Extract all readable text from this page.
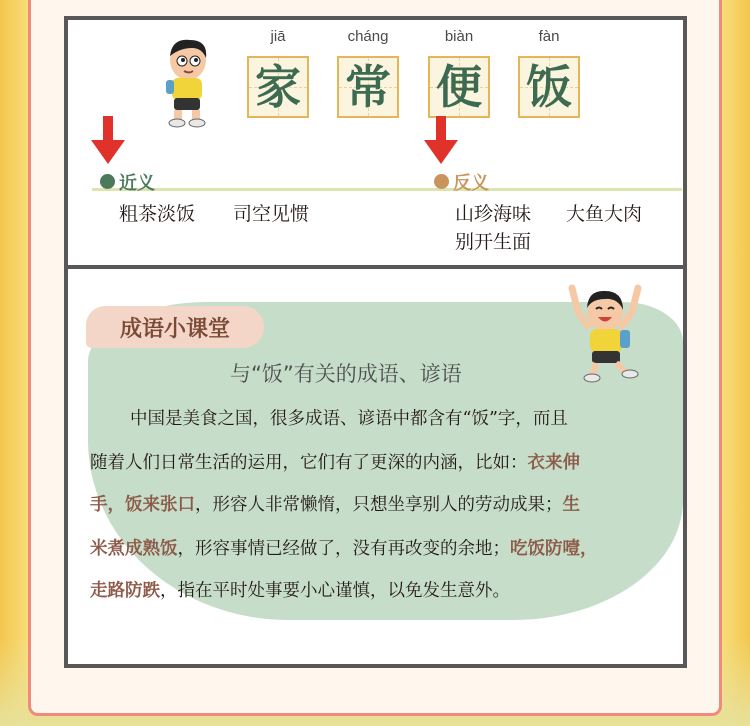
jiā	cháng	biàn	fàn
家 常 便 饭
近义	反义
粗茶淡饭 司空见惯	山珍海味 大鱼大肉
别开生面
成语小课堂
与“饭”有关的成语、谚语
中国是美食之国，很多成语、谚语中都含有“饭”字，而且
随着人们日常生活的运用，它们有了更深的内涵，比如：衣来伸
手，饭来张口，形容人非常懒惰，只想坐享别人的劳动成果；生
米煮成熟饭，形容事情已经做了，没有再改变的余地；吃饭防噎，
走路防跌，指在平时处事要小心谨慎，以免发生意外。
